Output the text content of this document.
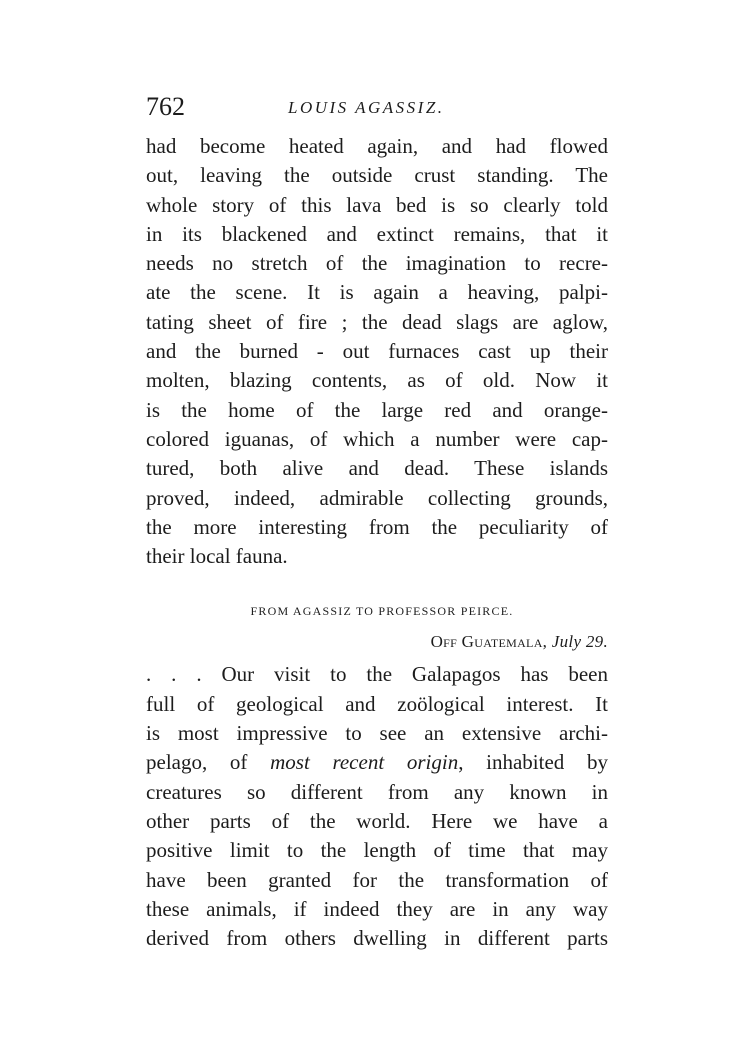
762	LOUIS AGASSIZ.

had become heated again, and had flowed
out, leaving the outside crust standing. The
whole story of this lava bed is so clearly told
in its blackened and extinct remains, that it
needs no stretch of the imagination to recre-
ate the scene. It is again a heaving, palpi-
tating sheet of fire ; the dead slags are aglow,
and the burned - out furnaces cast up their
molten, blazing contents, as of old. Now it
is the home of the large red and orange-
colored iguanas, of which a number were cap-
tured, both alive and dead. These islands
proved, indeed, admirable collecting grounds,
the more interesting from the peculiarity of
their local fauna.

FROM AGASSIZ TO PROFESSOR PEIRCE.
Off Guatemala, July 29.

. . . Our visit to the Galapagos has been
full of geological and zoölogical interest. It
is most impressive to see an extensive archi-
pelago, of most recent origin, inhabited by
creatures so different from any known in
other parts of the world. Here we have a
positive limit to the length of time that may
have been granted for the transformation of
these animals, if indeed they are in any way
derived from others dwelling in different parts
